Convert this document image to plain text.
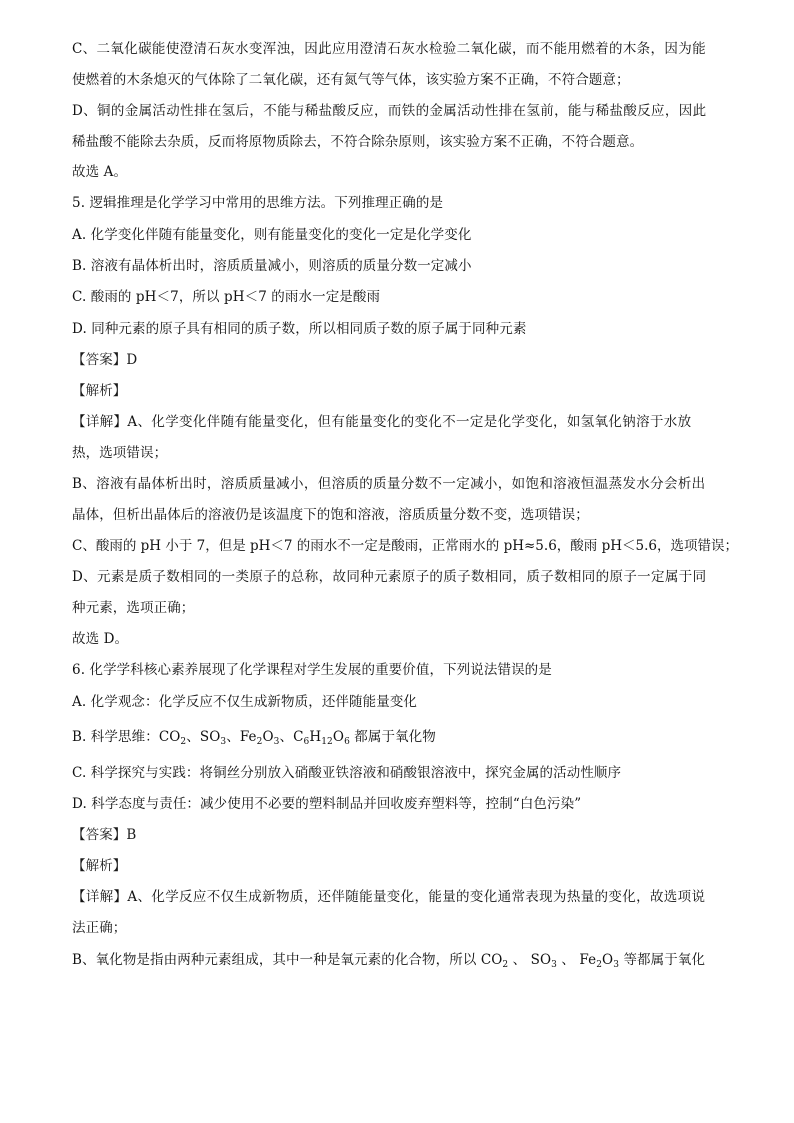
C、二氧化碳能使澄清石灰水变浑浊，因此应用澄清石灰水检验二氧化碳，而不能用燃着的木条，因为能
使燃着的木条熄灭的气体除了二氧化碳，还有氮气等气体，该实验方案不正确，不符合题意；
D、铜的金属活动性排在氢后，不能与稀盐酸反应，而铁的金属活动性排在氢前，能与稀盐酸反应，因此
稀盐酸不能除去杂质，反而将原物质除去，不符合除杂原则，该实验方案不正确，不符合题意。
故选 A。
5. 逻辑推理是化学学习中常用的思维方法。下列推理正确的是
A. 化学变化伴随有能量变化，则有能量变化的变化一定是化学变化
B. 溶液有晶体析出时，溶质质量减小，则溶质的质量分数一定减小
C. 酸雨的 pH＜7，所以 pH＜7 的雨水一定是酸雨
D. 同种元素的原子具有相同的质子数，所以相同质子数的原子属于同种元素
【答案】D
【解析】
【详解】A、化学变化伴随有能量变化，但有能量变化的变化不一定是化学变化，如氢氧化钠溶于水放
热，选项错误；
B、溶液有晶体析出时，溶质质量减小，但溶质的质量分数不一定减小，如饱和溶液恒温蒸发水分会析出
晶体，但析出晶体后的溶液仍是该温度下的饱和溶液，溶质质量分数不变，选项错误；
C、酸雨的 pH 小于 7，但是 pH＜7 的雨水不一定是酸雨，正常雨水的 pH≈5.6，酸雨 pH＜5.6，选项错误；
D、元素是质子数相同的一类原子的总称，故同种元素原子的质子数相同，质子数相同的原子一定属于同
种元素，选项正确；
故选 D。
6. 化学学科核心素养展现了化学课程对学生发展的重要价值，下列说法错误的是
A. 化学观念：化学反应不仅生成新物质，还伴随能量变化
B. 科学思维：$CO_2$、$SO_3$、$Fe_2O_3$、$C_6H_{12}O_6$ 都属于氧化物
C. 科学探究与实践：将铜丝分别放入硝酸亚铁溶液和硝酸银溶液中，探究金属的活动性顺序
D. 科学态度与责任：减少使用不必要的塑料制品并回收废弃塑料等，控制“白色污染”
【答案】B
【解析】
【详解】A、化学反应不仅生成新物质，还伴随能量变化，能量的变化通常表现为热量的变化，故选项说
法正确；
B、氧化物是指由两种元素组成，其中一种是氧元素的化合物，所以 $CO_2$ 、 $SO_3$ 、 $Fe_2O_3$ 等都属于氧化
